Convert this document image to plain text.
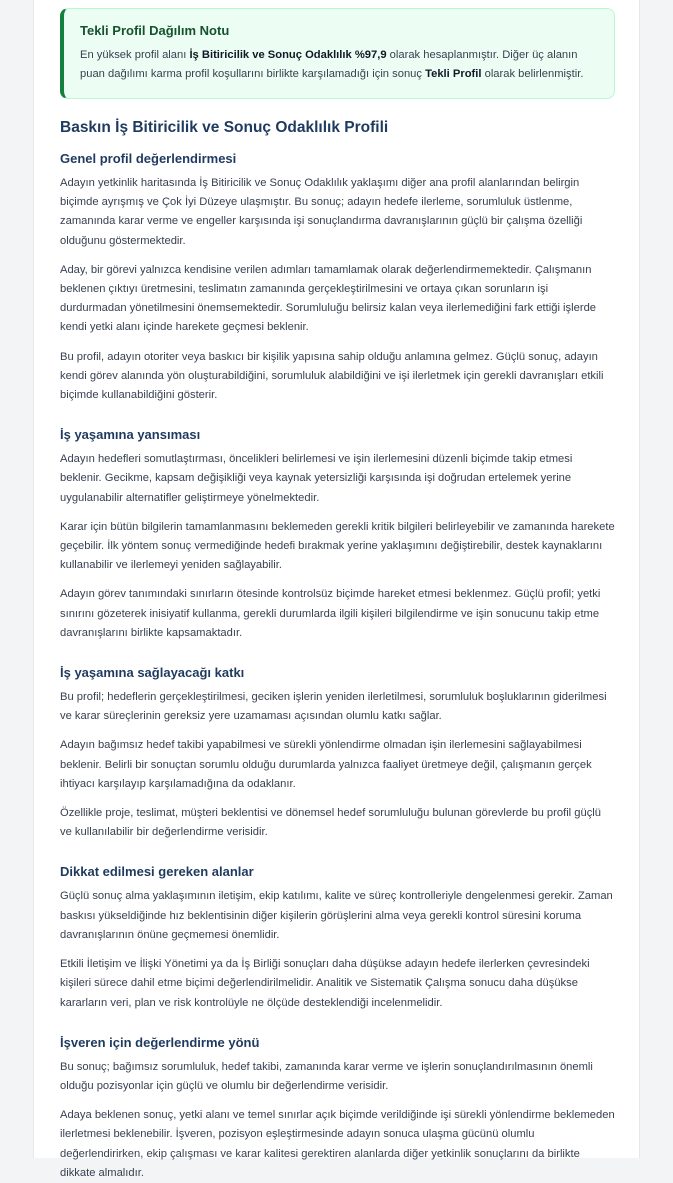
Tekli Profil Dağılım Notu

En yüksek profil alanı İş Bitiricilik ve Sonuç Odaklılık %97,9 olarak hesaplanmıştır. Diğer üç alanın puan dağılımı karma profil koşullarını birlikte karşılamadığı için sonuç Tekli Profil olarak belirlenmiştir.

Baskın İş Bitiricilik ve Sonuç Odaklılık Profili
Genel profil değerlendirmesi

Adayın yetkinlik haritasında İş Bitiricilik ve Sonuç Odaklılık yaklaşımı diğer ana profil alanlarından belirgin biçimde ayrışmış ve Çok İyi Düzeye ulaşmıştır. Bu sonuç; adayın hedefe ilerleme, sorumluluk üstlenme, zamanında karar verme ve engeller karşısında işi sonuçlandırma davranışlarının güçlü bir çalışma özelliği olduğunu göstermektedir.

Aday, bir görevi yalnızca kendisine verilen adımları tamamlamak olarak değerlendirmemektedir. Çalışmanın beklenen çıktıyı üretmesini, teslimatın zamanında gerçekleştirilmesini ve ortaya çıkan sorunların işi durdurmadan yönetilmesini önemsemektedir. Sorumluluğu belirsiz kalan veya ilerlemediğini fark ettiği işlerde kendi yetki alanı içinde harekete geçmesi beklenir.

Bu profil, adayın otoriter veya baskıcı bir kişilik yapısına sahip olduğu anlamına gelmez. Güçlü sonuç, adayın kendi görev alanında yön oluşturabildiğini, sorumluluk alabildiğini ve işi ilerletmek için gerekli davranışları etkili biçimde kullanabildiğini gösterir.

İş yaşamına yansıması

Adayın hedefleri somutlaştırması, öncelikleri belirlemesi ve işin ilerlemesini düzenli biçimde takip etmesi beklenir. Gecikme, kapsam değişikliği veya kaynak yetersizliği karşısında işi doğrudan ertelemek yerine uygulanabilir alternatifler geliştirmeye yönelmektedir.

Karar için bütün bilgilerin tamamlanmasını beklemeden gerekli kritik bilgileri belirleyebilir ve zamanında harekete geçebilir. İlk yöntem sonuç vermediğinde hedefi bırakmak yerine yaklaşımını değiştirebilir, destek kaynaklarını kullanabilir ve ilerlemeyi yeniden sağlayabilir.

Adayın görev tanımındaki sınırların ötesinde kontrolsüz biçimde hareket etmesi beklenmez. Güçlü profil; yetki sınırını gözeterek inisiyatif kullanma, gerekli durumlarda ilgili kişileri bilgilendirme ve işin sonucunu takip etme davranışlarını birlikte kapsamaktadır.

İş yaşamına sağlayacağı katkı

Bu profil; hedeflerin gerçekleştirilmesi, geciken işlerin yeniden ilerletilmesi, sorumluluk boşluklarının giderilmesi ve karar süreçlerinin gereksiz yere uzamaması açısından olumlu katkı sağlar.

Adayın bağımsız hedef takibi yapabilmesi ve sürekli yönlendirme olmadan işin ilerlemesini sağlayabilmesi beklenir. Belirli bir sonuçtan sorumlu olduğu durumlarda yalnızca faaliyet üretmeye değil, çalışmanın gerçek ihtiyacı karşılayıp karşılamadığına da odaklanır.

Özellikle proje, teslimat, müşteri beklentisi ve dönemsel hedef sorumluluğu bulunan görevlerde bu profil güçlü ve kullanılabilir bir değerlendirme verisidir.

Dikkat edilmesi gereken alanlar

Güçlü sonuç alma yaklaşımının iletişim, ekip katılımı, kalite ve süreç kontrolleriyle dengelenmesi gerekir. Zaman baskısı yükseldiğinde hız beklentisinin diğer kişilerin görüşlerini alma veya gerekli kontrol süresini koruma davranışlarının önüne geçmemesi önemlidir.

Etkili İletişim ve İlişki Yönetimi ya da İş Birliği sonuçları daha düşükse adayın hedefe ilerlerken çevresindeki kişileri sürece dahil etme biçimi değerlendirilmelidir. Analitik ve Sistematik Çalışma sonucu daha düşükse kararların veri, plan ve risk kontrolüyle ne ölçüde desteklendiği incelenmelidir.

İşveren için değerlendirme yönü

Bu sonuç; bağımsız sorumluluk, hedef takibi, zamanında karar verme ve işlerin sonuçlandırılmasının önemli olduğu pozisyonlar için güçlü ve olumlu bir değerlendirme verisidir.

Adaya beklenen sonuç, yetki alanı ve temel sınırlar açık biçimde verildiğinde işi sürekli yönlendirme beklemeden ilerletmesi beklenebilir. İşveren, pozisyon eşleştirmesinde adayın sonuca ulaşma gücünü olumlu değerlendirirken, ekip çalışması ve karar kalitesi gerektiren alanlarda diğer yetkinlik sonuçlarını da birlikte dikkate almalıdır.
